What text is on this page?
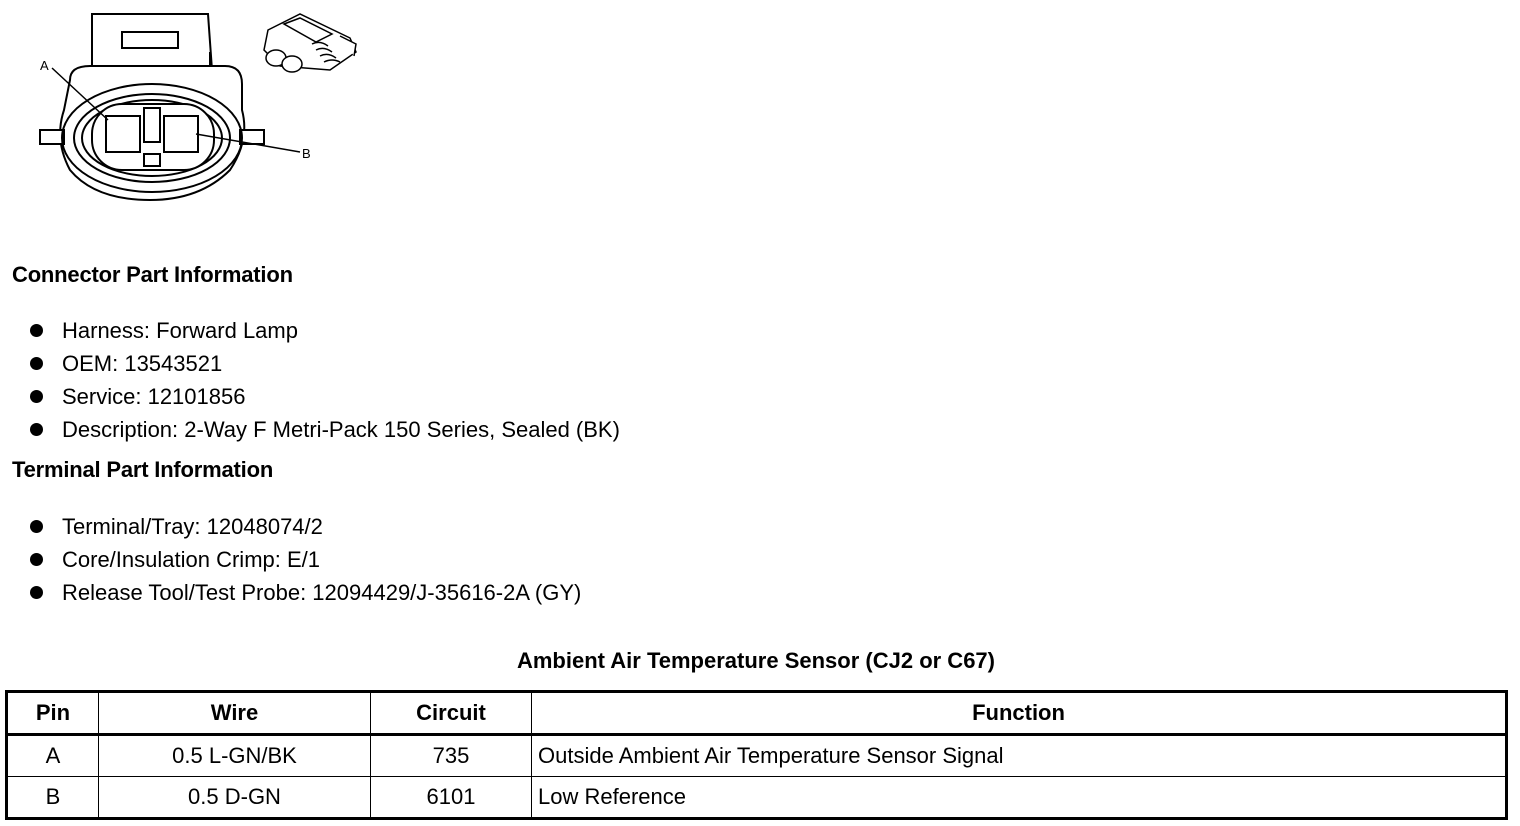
A
B
Connector Part Information
Harness: Forward Lamp
OEM: 13543521
Service: 12101856
Description: 2-Way F Metri-Pack 150 Series, Sealed (BK)
Terminal Part Information
Terminal/Tray: 12048074/2
Core/Insulation Crimp: E/1
Release Tool/Test Probe: 12094429/J-35616-2A (GY)
Ambient Air Temperature Sensor (CJ2 or C67)
Pin	Wire	Circuit	Function
A	0.5 L-GN/BK	735	Outside Ambient Air Temperature Sensor Signal
B	0.5 D-GN	6101	Low Reference
